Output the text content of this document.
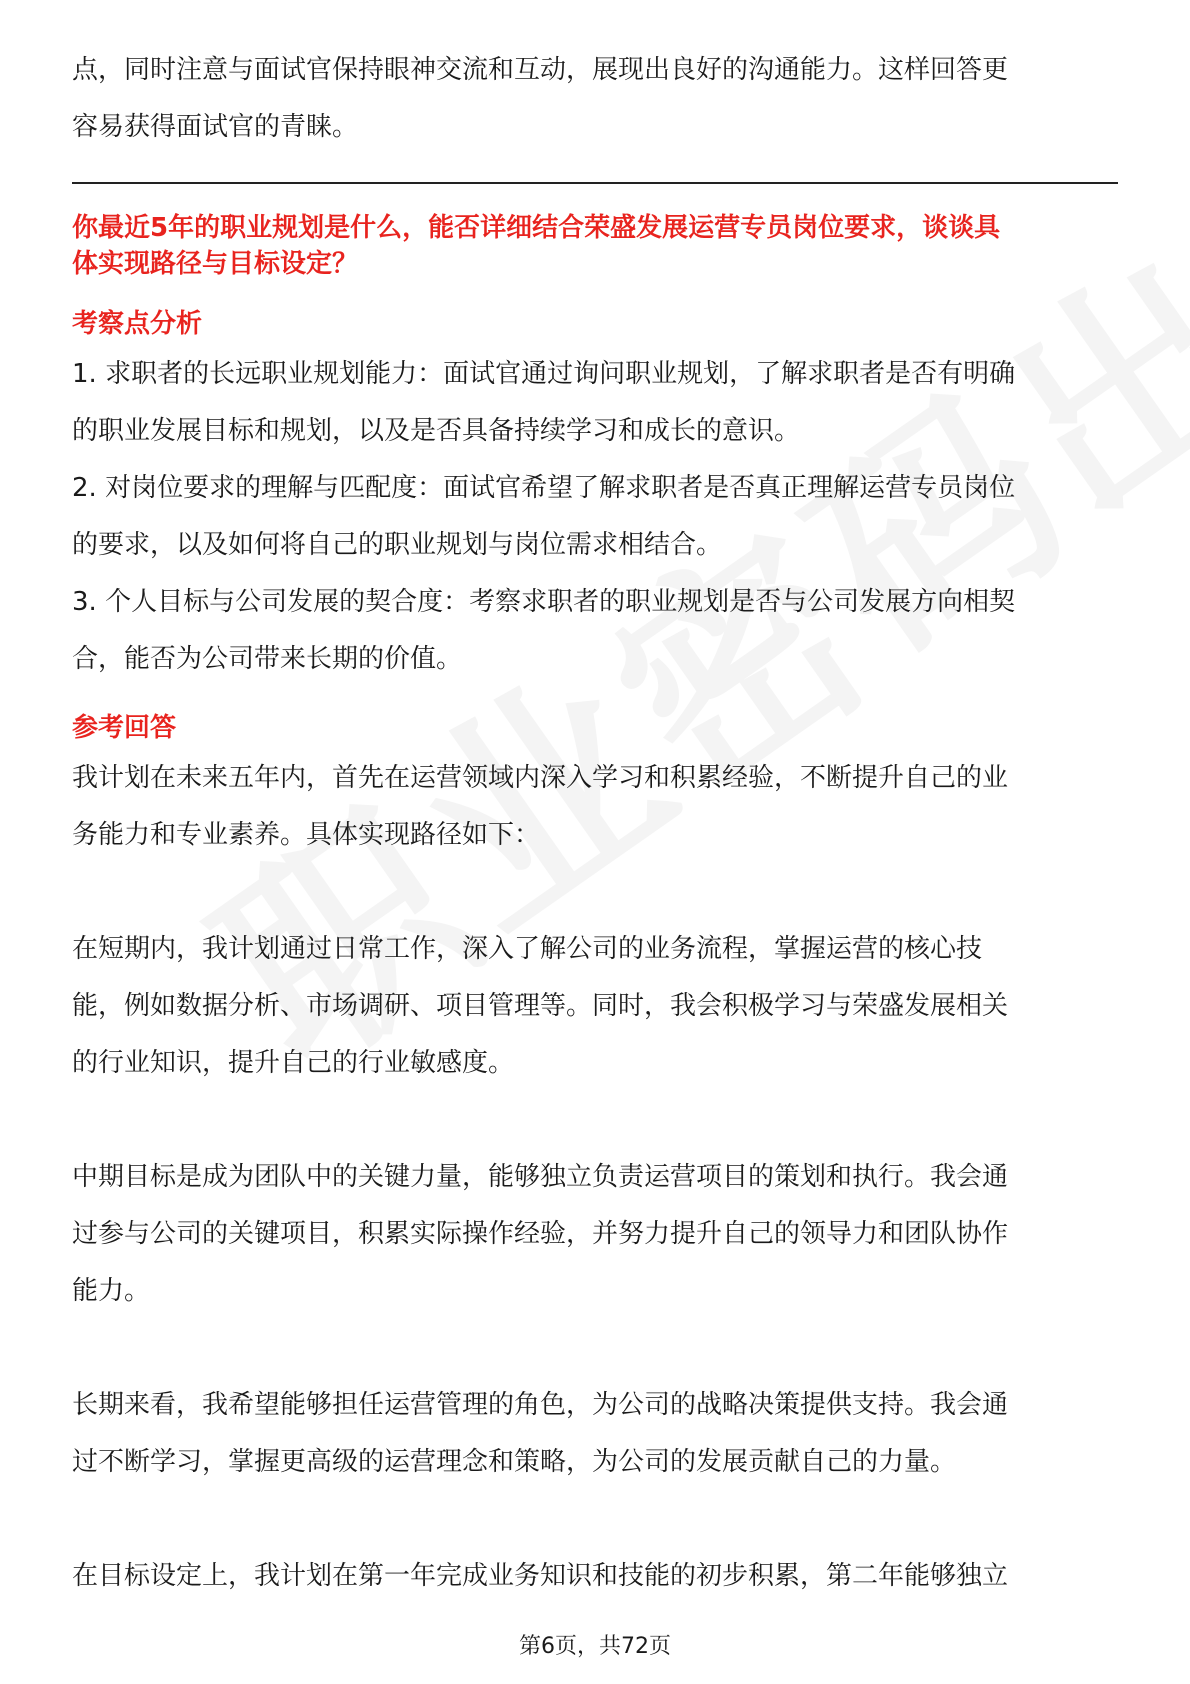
点，同时注意与面试官保持眼神交流和互动，展现出良好的沟通能力。这样回答更

容易获得面试官的青睐。

你最近5年的职业规划是什么，能否详细结合荣盛发展运营专员岗位要求，谈谈具

体实现路径与目标设定？

考察点分析

1. 求职者的长远职业规划能力：面试官通过询问职业规划，了解求职者是否有明确

的职业发展目标和规划，以及是否具备持续学习和成长的意识。

2. 对岗位要求的理解与匹配度：面试官希望了解求职者是否真正理解运营专员岗位

的要求，以及如何将自己的职业规划与岗位需求相结合。

3. 个人目标与公司发展的契合度：考察求职者的职业规划是否与公司发展方向相契

合，能否为公司带来长期的价值。

参考回答

我计划在未来五年内，首先在运营领域内深入学习和积累经验，不断提升自己的业

务能力和专业素养。具体实现路径如下：

在短期内，我计划通过日常工作，深入了解公司的业务流程，掌握运营的核心技

能，例如数据分析、市场调研、项目管理等。同时，我会积极学习与荣盛发展相关

的行业知识，提升自己的行业敏感度。

中期目标是成为团队中的关键力量，能够独立负责运营项目的策划和执行。我会通

过参与公司的关键项目，积累实际操作经验，并努力提升自己的领导力和团队协作

能力。

长期来看，我希望能够担任运营管理的角色，为公司的战略决策提供支持。我会通

过不断学习，掌握更高级的运营理念和策略，为公司的发展贡献自己的力量。

在目标设定上，我计划在第一年完成业务知识和技能的初步积累，第二年能够独立

第6页，共72页
